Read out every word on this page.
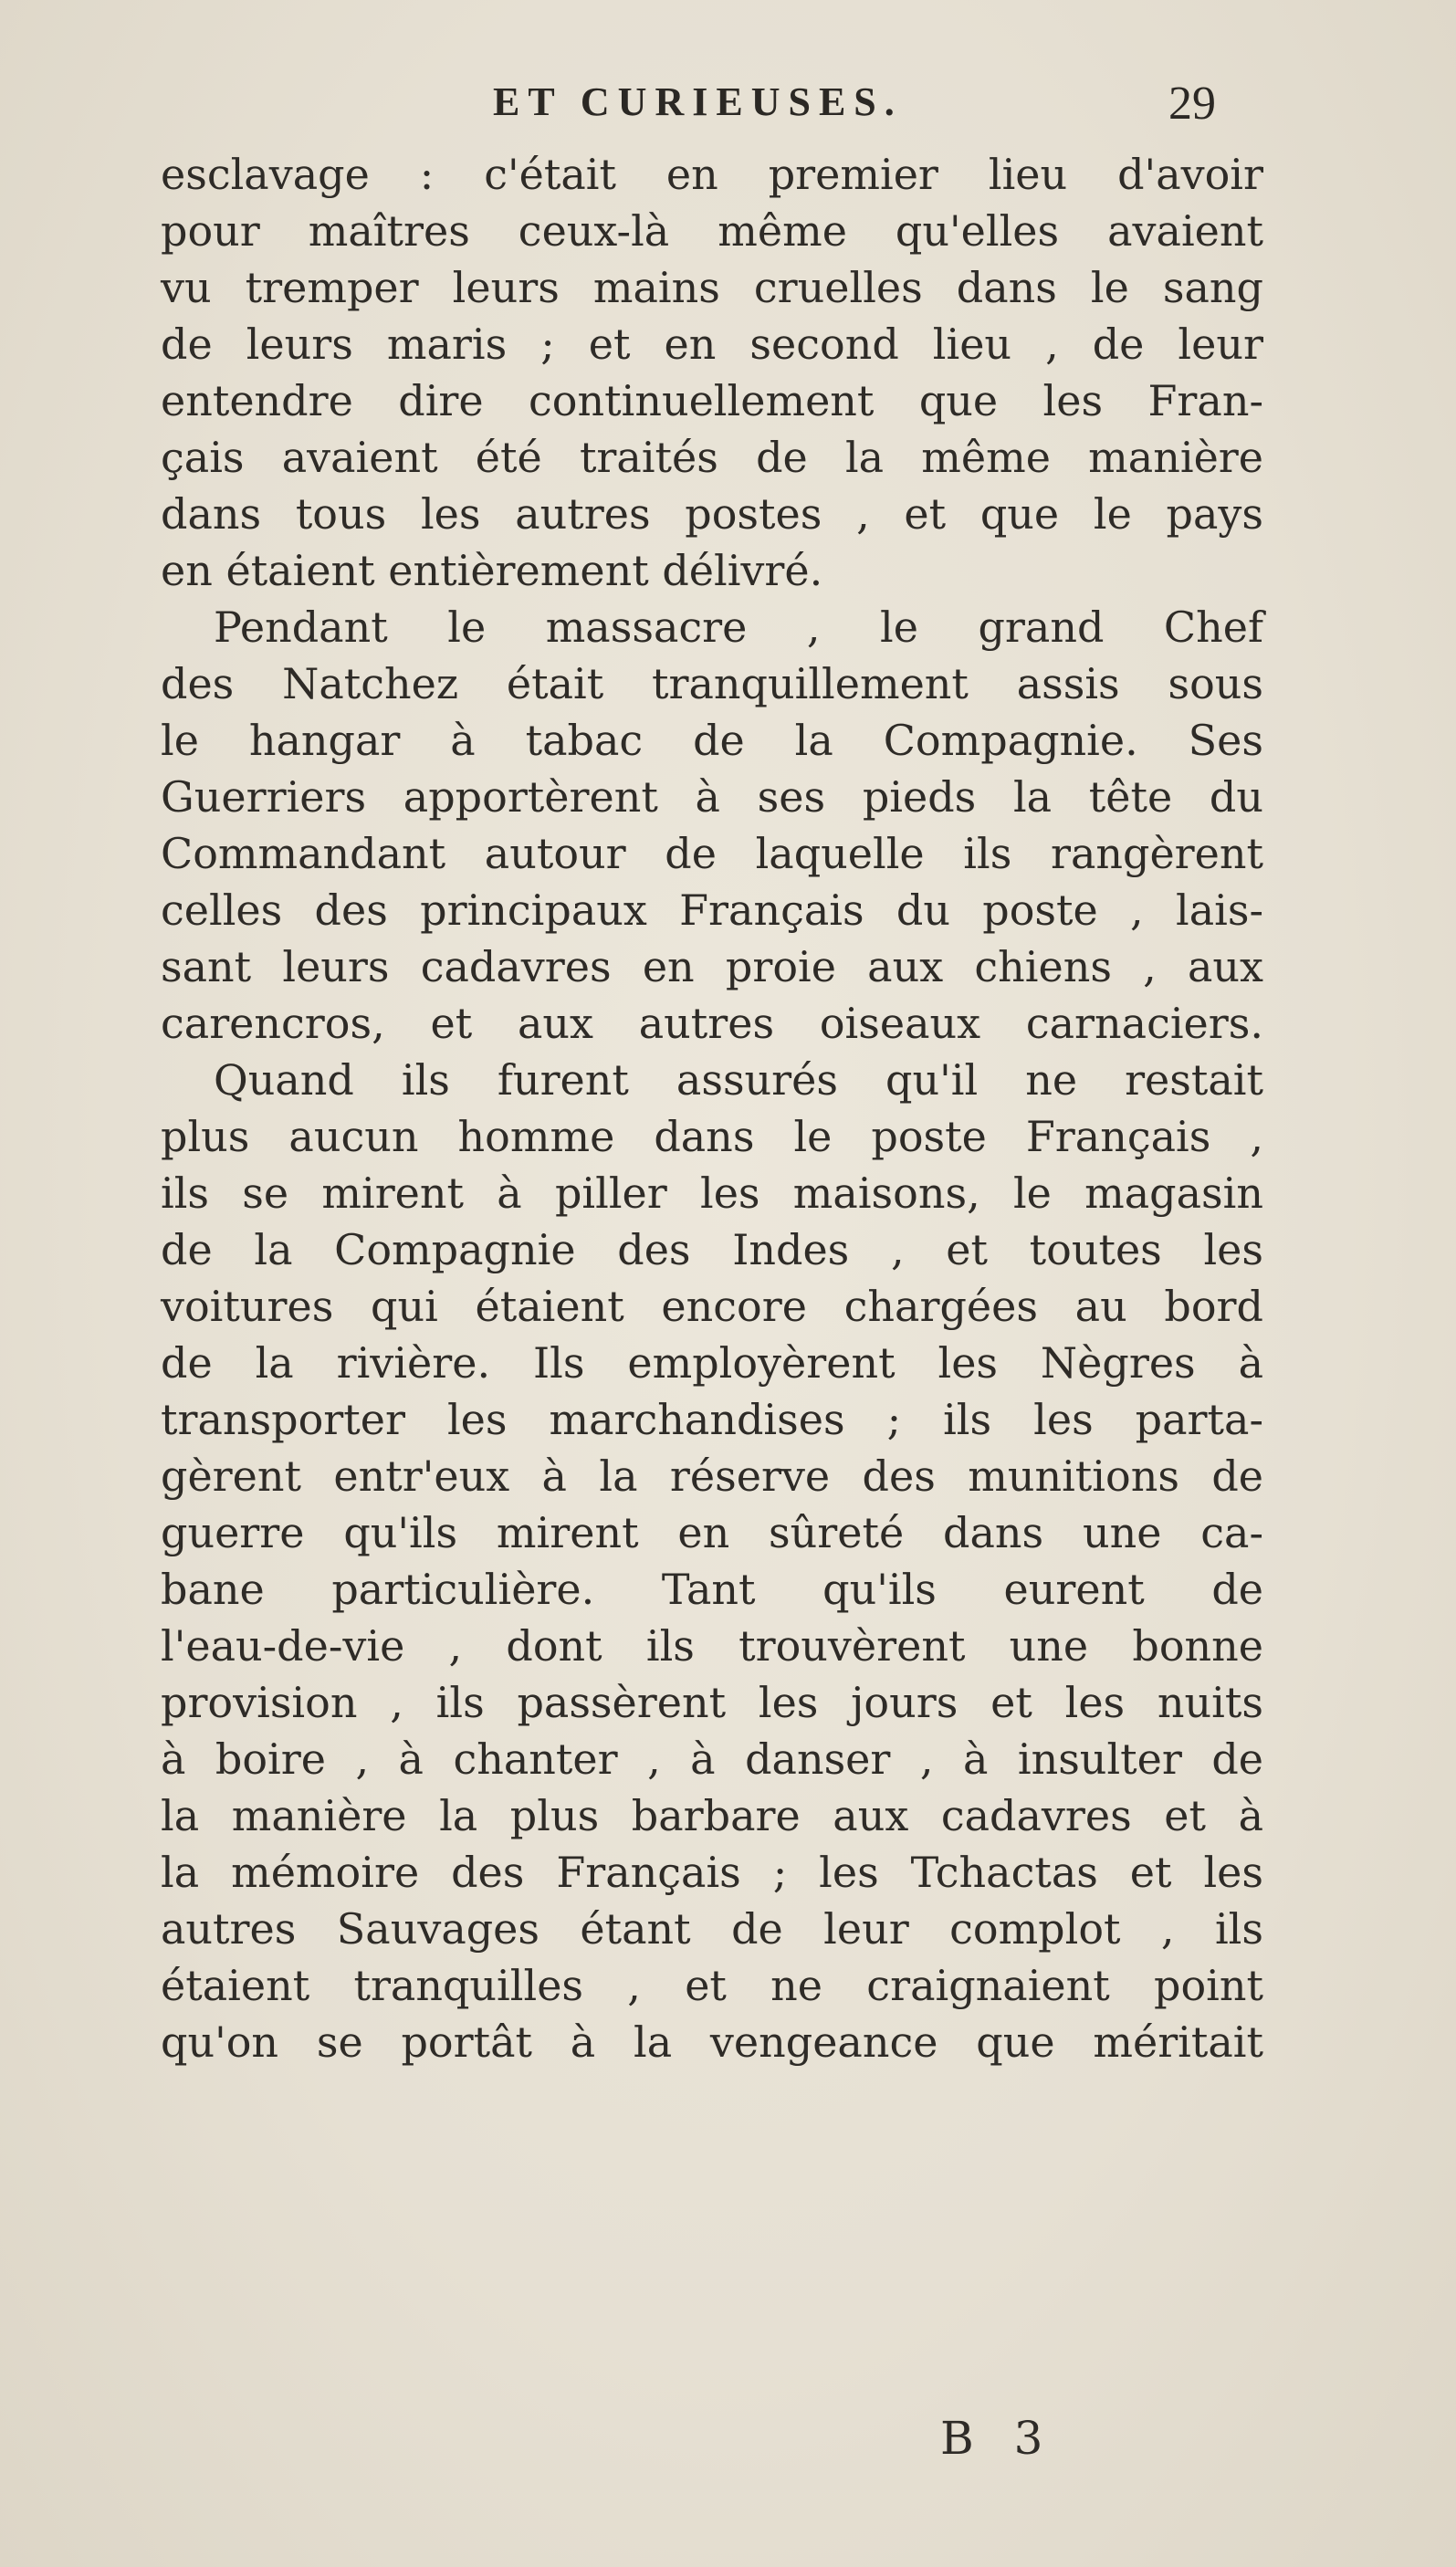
ET CURIEUSES.	29
esclavage : c'était en premier lieu d'avoir
pour maîtres ceux-là même qu'elles avaient
vu tremper leurs mains cruelles dans le sang
de leurs maris ; et en second lieu , de leur
entendre dire continuellement que les Fran-
çais avaient été traités de la même manière
dans tous les autres postes , et que le pays
en étaient entièrement délivré.
Pendant le massacre , le grand Chef
des Natchez était tranquillement assis sous
le hangar à tabac de la Compagnie. Ses
Guerriers apportèrent à ses pieds la tête du
Commandant autour de laquelle ils rangèrent
celles des principaux Français du poste , lais-
sant leurs cadavres en proie aux chiens , aux
carencros, et aux autres oiseaux carnaciers.
Quand ils furent assurés qu'il ne restait
plus aucun homme dans le poste Français ,
ils se mirent à piller les maisons, le magasin
de la Compagnie des Indes , et toutes les
voitures qui étaient encore chargées au bord
de la rivière. Ils employèrent les Nègres à
transporter les marchandises ; ils les parta-
gèrent entr'eux à la réserve des munitions de
guerre qu'ils mirent en sûreté dans une ca-
bane particulière. Tant qu'ils eurent de
l'eau-de-vie , dont ils trouvèrent une bonne
provision , ils passèrent les jours et les nuits
à boire , à chanter , à danser , à insulter de
la manière la plus barbare aux cadavres et à
la mémoire des Français ; les Tchactas et les
autres Sauvages étant de leur complot , ils
étaient tranquilles , et ne craignaient point
qu'on se portât à la vengeance que méritait
B 3
